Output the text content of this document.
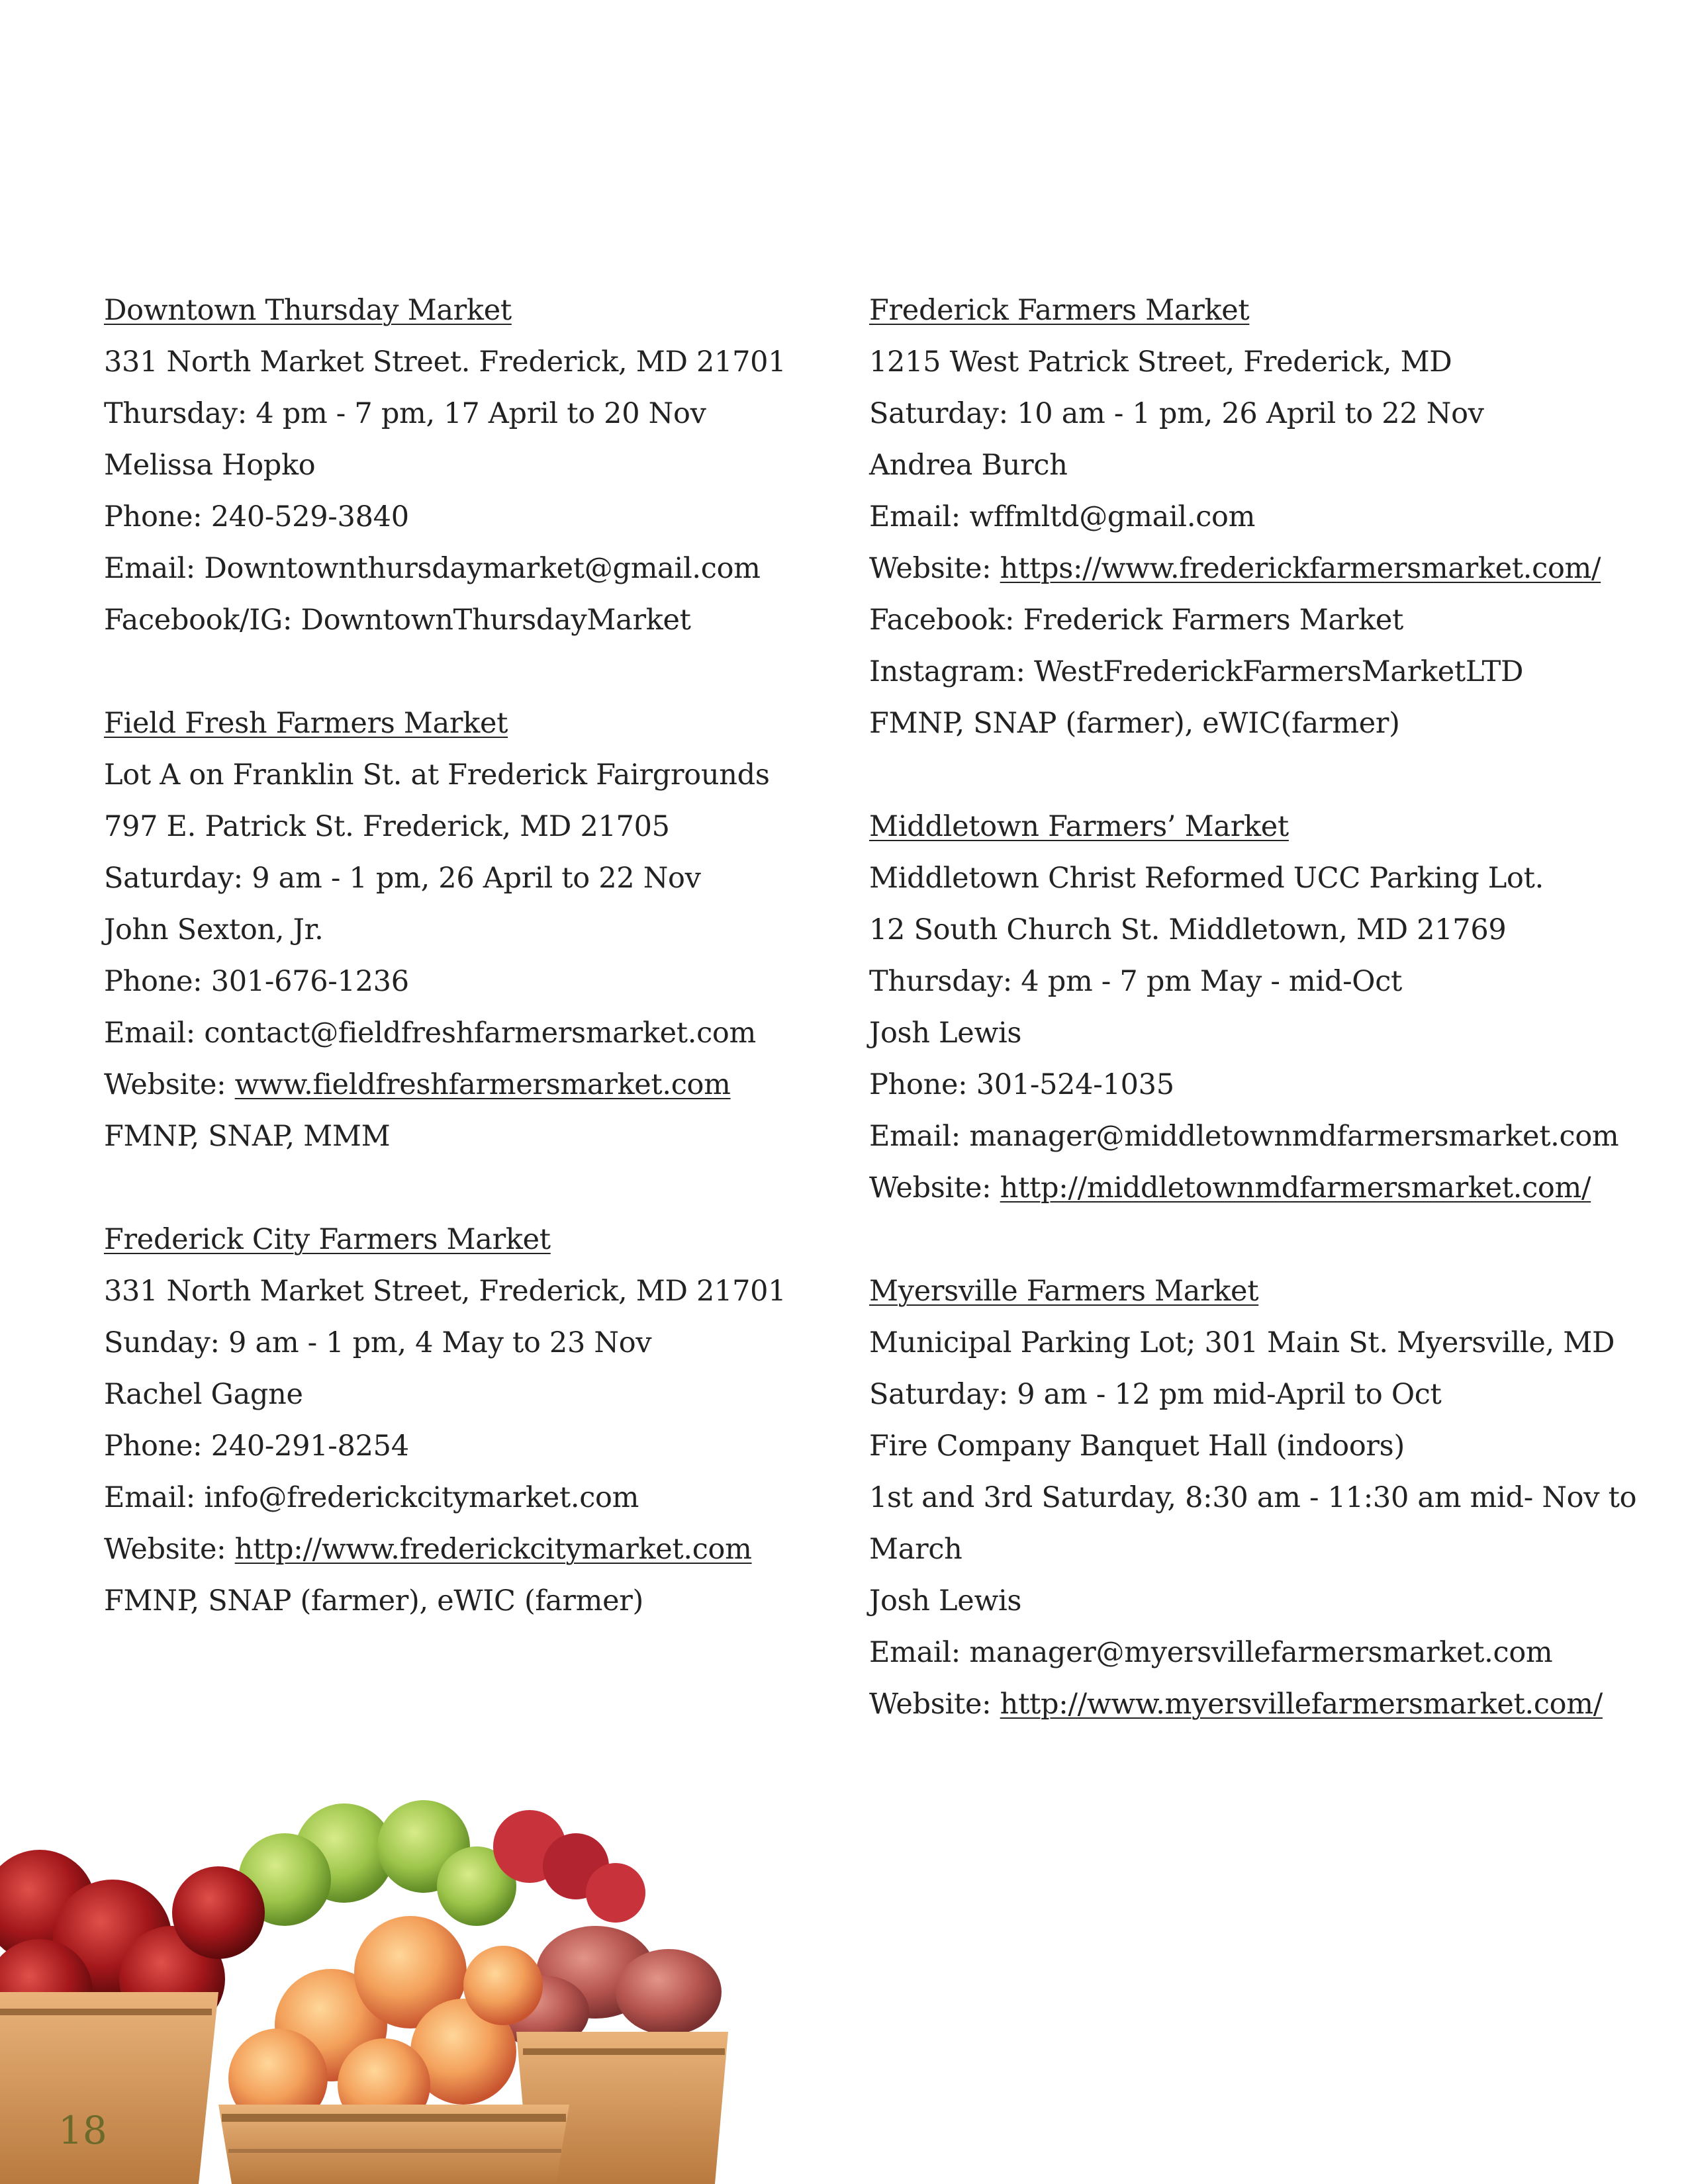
Downtown Thursday Market
331 North Market Street. Frederick, MD 21701
Thursday: 4 pm - 7 pm, 17 April to 20 Nov
Melissa Hopko
Phone: 240-529-3840
Email: Downtownthursdaymarket@gmail.com
Facebook/IG: DowntownThursdayMarket
Field Fresh Farmers Market
Lot A on Franklin St. at Frederick Fairgrounds
797 E. Patrick St. Frederick, MD 21705
Saturday: 9 am - 1 pm, 26 April to 22 Nov
John Sexton, Jr.
Phone: 301-676-1236
Email: contact@fieldfreshfarmersmarket.com
Website: www.fieldfreshfarmersmarket.com
FMNP, SNAP, MMM
Frederick City Farmers Market
331 North Market Street, Frederick, MD 21701
Sunday: 9 am - 1 pm, 4 May to 23 Nov
Rachel Gagne
Phone: 240-291-8254
Email: info@frederickcitymarket.com
Website: http://www.frederickcitymarket.com
FMNP, SNAP (farmer), eWIC (farmer)
Frederick Farmers Market
1215 West Patrick Street, Frederick, MD
Saturday: 10 am - 1 pm, 26 April to 22 Nov
Andrea Burch
Email: wffmltd@gmail.com
Website: https://www.frederickfarmersmarket.com/
Facebook: Frederick Farmers Market
Instagram: WestFrederickFarmersMarketLTD
FMNP, SNAP (farmer), eWIC(farmer)
Middletown Farmers’ Market
Middletown Christ Reformed UCC Parking Lot.
12 South Church St. Middletown, MD 21769
Thursday: 4 pm - 7 pm May - mid-Oct
Josh Lewis
Phone: 301-524-1035
Email: manager@middletownmdfarmersmarket.com
Website: http://middletownmdfarmersmarket.com/
Myersville Farmers Market
Municipal Parking Lot; 301 Main St. Myersville, MD
Saturday: 9 am - 12 pm mid-April to Oct
Fire Company Banquet Hall (indoors)
1st and 3rd Saturday, 8:30 am - 11:30 am mid- Nov to
March
Josh Lewis
Email: manager@myersvillefarmersmarket.com
Website: http://www.myersvillefarmersmarket.com/
18
